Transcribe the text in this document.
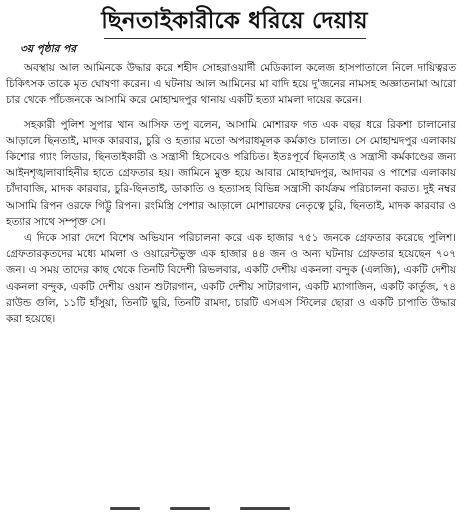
ছিনতাইকারীকে ধরিয়ে দেয়ায়
৩য় পৃষ্ঠার পর

অবস্থায় আল আমিনকে উদ্ধার করে শহীদ সোহরাওয়ার্দী মেডিক্যাল কলেজ হাসপাতালে নিলে দায়িত্বরত চিকিৎসক তাকে মৃত ঘোষণা করেন। এ ঘটনায় আল আমিনের মা বাদি হয়ে দু'জনের নামসহ অজ্ঞাতনামা আরো চার থেকে পাঁচজনকে আসামি করে মোহাম্মদপুর থানায় একটি হত্যা মামলা দায়ের করেন।

সহকারী পুলিশ সুপার খান আসিফ তপু বলেন, আসামি মোশারফ গত এক বছর ধরে রিকশা চালানোর আড়ালে ছিনতাই, মাদক কারবার, চুরি ও হত্যার মতো অপরাধমূলক কর্মকাণ্ড চালাত। সে মোহাম্মদপুর এলাকায় কিশোর গ্যাং লিডার, ছিনতাইকারী ও সন্ত্রাসী হিসেবেও পরিচিত। ইতঃপূর্বে ছিনতাই ও সন্ত্রাসী কর্মকাণ্ডের জন্য আইনশৃঙ্খলাবাহিনীর হাতে গ্রেফতার হয়। জামিনে মুক্ত হয়ে আবার মোহাম্মদপুর, আদাবর ও পাশের এলাকায় চাঁদাবাজি, মাদক কারবার, চুরি-ছিনতাই, ডাকাতি ও হত্যাসহ বিভিন্ন সন্ত্রাসী কার্যক্রম পরিচালনা করত। দুই নম্বর আসামি রিপন ওরফে গিট্টু রিপন। রংমিস্ত্রি পেশার আড়ালে মোশারফের নেতৃত্বে চুরি, ছিনতাই, মাদক কারবার ও হত্যার সাথে সম্পৃক্ত সে।

এ দিকে সারা দেশে বিশেষ অভিযান পরিচালনা করে এক হাজার ৭৫১ জনকে গ্রেফতার করেছে পুলিশ। গ্রেফতারকৃতদের মধ্যে মামলা ও ওয়ারেন্টভুক্ত এক হাজার ৪৪ জন ও অন্য ঘটনায় গ্রেফতার হয়েছেন ৭০৭ জন। এ সময় তাদের কাছ থেকে তিনটি বিদেশী রিভলবার, একটি দেশীয় একনলা বন্দুক (এলজি), একটি দেশীয় একনলা বন্দুক, একটি দেশীয় ওয়ান শুটারগান, একটি দেশীয় সাটারগান, একটি ম্যাগাজিন, একটি কার্তুজ, ৭৪ রাউন্ড গুলি, ১১টি হাঁসুয়া, তিনটি ছুরি, তিনটি রামদা, চারটি এসএস স্টিলের ছোরা ও একটি চাপাতি উদ্ধার করা হয়েছে।
